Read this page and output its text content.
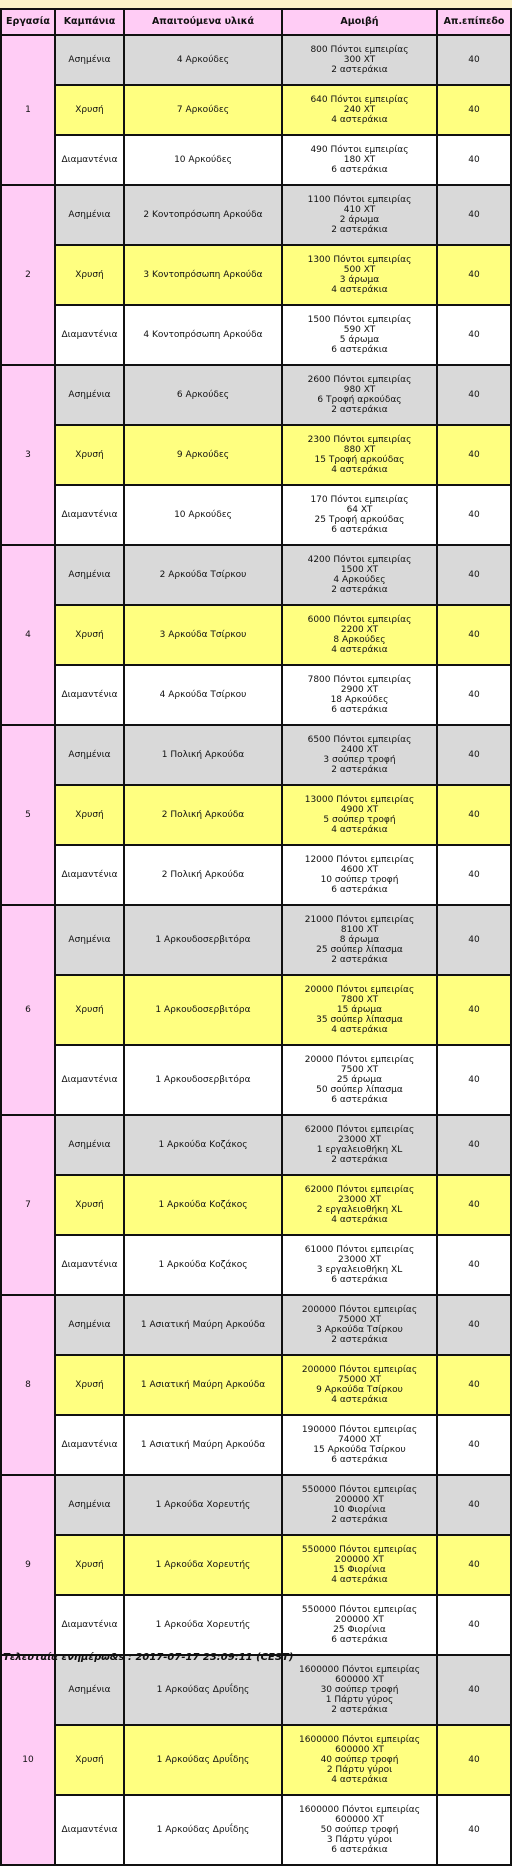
Εργασία	Καμπάνια	Απαιτούμενα υλικά	Αμοιβή	Απ.επίπεδο
1	Ασημένια	4 Αρκούδες	800 Πόντοι εμπειρίας
300 XT
2 αστεράκια	40
	Χρυσή	7 Αρκούδες	640 Πόντοι εμπειρίας
240 XT
4 αστεράκια	40
	Διαμαντένια	10 Αρκούδες	490 Πόντοι εμπειρίας
180 XT
6 αστεράκια	40
2	Ασημένια	2 Κοντοπρόσωπη Αρκούδα	1100 Πόντοι εμπειρίας
410 XT
2 άρωμα
2 αστεράκια	40
	Χρυσή	3 Κοντοπρόσωπη Αρκούδα	1300 Πόντοι εμπειρίας
500 XT
3 άρωμα
4 αστεράκια	40
	Διαμαντένια	4 Κοντοπρόσωπη Αρκούδα	1500 Πόντοι εμπειρίας
590 XT
5 άρωμα
6 αστεράκια	40
3	Ασημένια	6 Αρκούδες	2600 Πόντοι εμπειρίας
980 XT
6 Τροφή αρκούδας
2 αστεράκια	40
	Χρυσή	9 Αρκούδες	2300 Πόντοι εμπειρίας
880 XT
15 Τροφή αρκούδας
4 αστεράκια	40
	Διαμαντένια	10 Αρκούδες	170 Πόντοι εμπειρίας
64 XT
25 Τροφή αρκούδας
6 αστεράκια	40
4	Ασημένια	2 Αρκούδα Τσίρκου	4200 Πόντοι εμπειρίας
1500 XT
4 Αρκούδες
2 αστεράκια	40
	Χρυσή	3 Αρκούδα Τσίρκου	6000 Πόντοι εμπειρίας
2200 XT
8 Αρκούδες
4 αστεράκια	40
	Διαμαντένια	4 Αρκούδα Τσίρκου	7800 Πόντοι εμπειρίας
2900 XT
18 Αρκούδες
6 αστεράκια	40
5	Ασημένια	1 Πολική Αρκούδα	6500 Πόντοι εμπειρίας
2400 XT
3 σούπερ τροφή
2 αστεράκια	40
	Χρυσή	2 Πολική Αρκούδα	13000 Πόντοι εμπειρίας
4900 XT
5 σούπερ τροφή
4 αστεράκια	40
	Διαμαντένια	2 Πολική Αρκούδα	12000 Πόντοι εμπειρίας
4600 XT
10 σούπερ τροφή
6 αστεράκια	40
6	Ασημένια	1 Αρκουδοσερβιτόρα	21000 Πόντοι εμπειρίας
8100 XT
8 άρωμα
25 σούπερ λίπασμα
2 αστεράκια	40
	Χρυσή	1 Αρκουδοσερβιτόρα	20000 Πόντοι εμπειρίας
7800 XT
15 άρωμα
35 σούπερ λίπασμα
4 αστεράκια	40
	Διαμαντένια	1 Αρκουδοσερβιτόρα	20000 Πόντοι εμπειρίας
7500 XT
25 άρωμα
50 σούπερ λίπασμα
6 αστεράκια	40
7	Ασημένια	1 Αρκούδα Κοζάκος	62000 Πόντοι εμπειρίας
23000 XT
1 εργαλειοθήκη XL
2 αστεράκια	40
	Χρυσή	1 Αρκούδα Κοζάκος	62000 Πόντοι εμπειρίας
23000 XT
2 εργαλειοθήκη XL
4 αστεράκια	40
	Διαμαντένια	1 Αρκούδα Κοζάκος	61000 Πόντοι εμπειρίας
23000 XT
3 εργαλειοθήκη XL
6 αστεράκια	40
8	Ασημένια	1 Ασιατική Μαύρη Αρκούδα	200000 Πόντοι εμπειρίας
75000 XT
3 Αρκούδα Τσίρκου
2 αστεράκια	40
	Χρυσή	1 Ασιατική Μαύρη Αρκούδα	200000 Πόντοι εμπειρίας
75000 XT
9 Αρκούδα Τσίρκου
4 αστεράκια	40
	Διαμαντένια	1 Ασιατική Μαύρη Αρκούδα	190000 Πόντοι εμπειρίας
74000 XT
15 Αρκούδα Τσίρκου
6 αστεράκια	40
9	Ασημένια	1 Αρκούδα Χορευτής	550000 Πόντοι εμπειρίας
200000 XT
10 Φιορίνια
2 αστεράκια	40
	Χρυσή	1 Αρκούδα Χορευτής	550000 Πόντοι εμπειρίας
200000 XT
15 Φιορίνια
4 αστεράκια	40
	Διαμαντένια	1 Αρκούδα Χορευτής	550000 Πόντοι εμπειρίας
200000 XT
25 Φιορίνια
6 αστεράκια	40
10	Ασημένια	1 Αρκούδας Δρυΐδης	1600000 Πόντοι εμπειρίας
600000 XT
30 σούπερ τροφή
1 Πάρτυ γύρος
2 αστεράκια	40
	Χρυσή	1 Αρκούδας Δρυΐδης	1600000 Πόντοι εμπειρίας
600000 XT
40 σούπερ τροφή
2 Πάρτυ γύροι
4 αστεράκια	40
	Διαμαντένια	1 Αρκούδας Δρυΐδης	1600000 Πόντοι εμπειρίας
600000 XT
50 σούπερ τροφή
3 Πάρτυ γύροι
6 αστεράκια	40
Τελευταία ενημέρω&s : 2017-07-17 23:09:11 (CEST)
